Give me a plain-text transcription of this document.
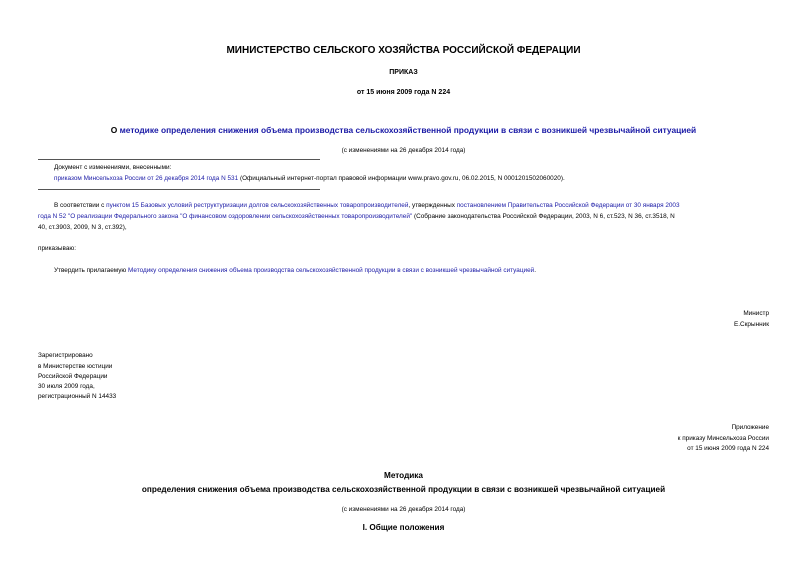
МИНИСТЕРСТВО СЕЛЬСКОГО ХОЗЯЙСТВА РОССИЙСКОЙ ФЕДЕРАЦИИ
ПРИКАЗ
от 15 июня 2009 года N 224
О методике определения снижения объема производства сельскохозяйственной продукции в связи с возникшей чрезвычайной ситуацией
(с изменениями на 26 декабря 2014 года)
Документ с изменениями, внесенными:
приказом Минсельхоза России от 26 декабря 2014 года N 531 (Официальный интернет-портал правовой информации www.pravo.gov.ru, 06.02.2015, N 0001201502060020).
В соответствии с пунктом 15 Базовых условий реструктуризации долгов сельскохозяйственных товаропроизводителей, утвержденных постановлением Правительства Российской Федерации от 30 января 2003
года N 52 "О реализации Федерального закона "О финансовом оздоровлении сельскохозяйственных товаропроизводителей" (Собрание законодательства Российской Федерации, 2003, N 6, ст.523, N 36, ст.3518, N
40, ст.3903, 2009, N 3, ст.392),
приказываю:
Утвердить прилагаемую Методику определения снижения объема производства сельскохозяйственной продукции в связи с возникшей чрезвычайной ситуацией.
Министр
Е.Скрынник
Зарегистрировано
в Министерстве юстиции
Российской Федерации
30 июля 2009 года,
регистрационный N 14433
Приложение
к приказу Минсельхоза России
от 15 июня 2009 года N 224
Методика
определения снижения объема производства сельскохозяйственной продукции в связи с возникшей чрезвычайной ситуацией
(с изменениями на 26 декабря 2014 года)
I. Общие положения
